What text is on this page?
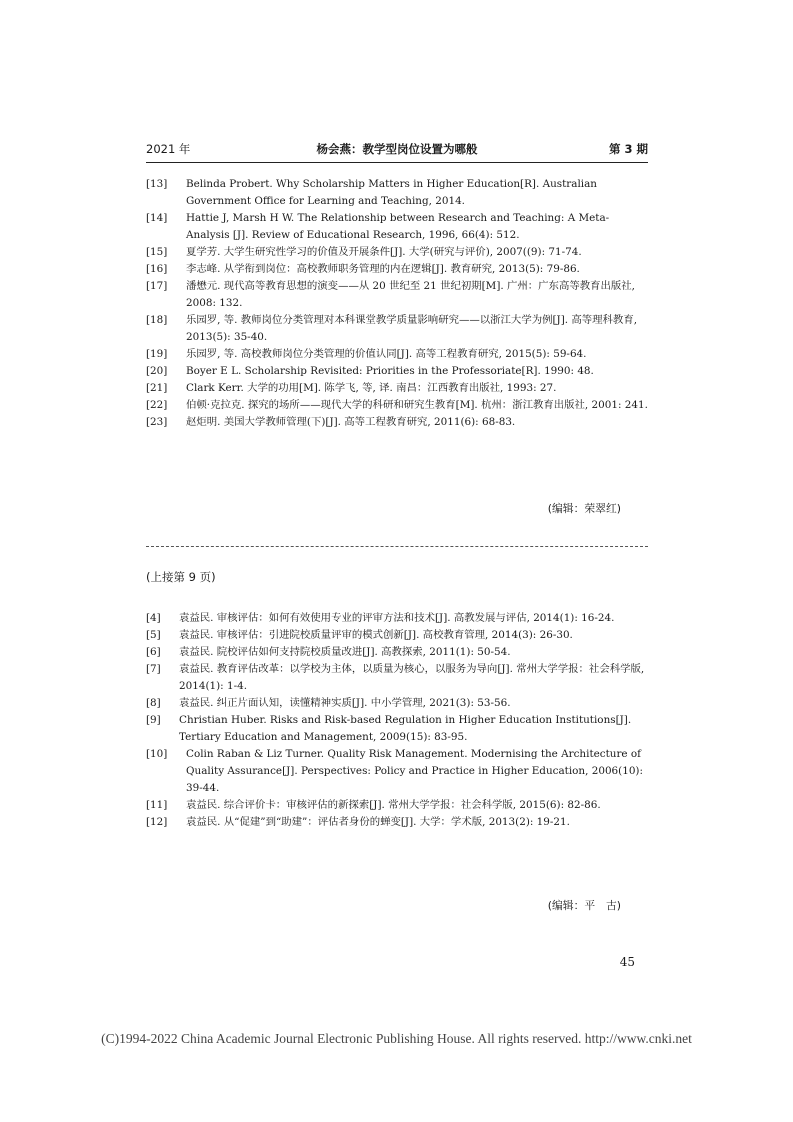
2021 年	杨会燕：教学型岗位设置为哪般	第 3 期
[13] Belinda Probert. Why Scholarship Matters in Higher Education[R]. Australian Government Office for Learning and Teaching, 2014.
[14] Hattie J, Marsh H W. The Relationship between Research and Teaching: A Meta-Analysis [J]. Review of Educational Research, 1996, 66(4): 512.
[15] 夏学芳. 大学生研究性学习的价值及开展条件[J]. 大学(研究与评价), 2007((9): 71-74.
[16] 李志峰. 从学衔到岗位：高校教师职务管理的内在逻辑[J]. 教育研究, 2013(5): 79-86.
[17] 潘懋元. 现代高等教育思想的演变——从 20 世纪至 21 世纪初期[M]. 广州：广东高等教育出版社, 2008: 132.
[18] 乐园罗, 等. 教师岗位分类管理对本科课堂教学质量影响研究——以浙江大学为例[J]. 高等理科教育, 2013(5): 35-40.
[19] 乐园罗, 等. 高校教师岗位分类管理的价值认同[J]. 高等工程教育研究, 2015(5): 59-64.
[20] Boyer E L. Scholarship Revisited: Priorities in the Professoriate[R]. 1990: 48.
[21] Clark Kerr. 大学的功用[M]. 陈学飞, 等, 译. 南昌：江西教育出版社, 1993: 27.
[22] 伯顿·克拉克. 探究的场所——现代大学的科研和研究生教育[M]. 杭州：浙江教育出版社, 2001: 241.
[23] 赵炬明. 美国大学教师管理(下)[J]. 高等工程教育研究, 2011(6): 68-83.
(编辑：荣翠红)
(上接第 9 页)
[4] 袁益民. 审核评估：如何有效使用专业的评审方法和技术[J]. 高教发展与评估, 2014(1): 16-24.
[5] 袁益民. 审核评估：引进院校质量评审的模式创新[J]. 高校教育管理, 2014(3): 26-30.
[6] 袁益民. 院校评估如何支持院校质量改进[J]. 高教探索, 2011(1): 50-54.
[7] 袁益民. 教育评估改革：以学校为主体，以质量为核心，以服务为导向[J]. 常州大学学报：社会科学版, 2014(1): 1-4.
[8] 袁益民. 纠正片面认知，读懂精神实质[J]. 中小学管理, 2021(3): 53-56.
[9] Christian Huber. Risks and Risk-based Regulation in Higher Education Institutions[J]. Tertiary Education and Management, 2009(15): 83-95.
[10] Colin Raban & Liz Turner. Quality Risk Management. Modernising the Architecture of Quality Assurance[J]. Perspectives: Policy and Practice in Higher Education, 2006(10): 39-44.
[11] 袁益民. 综合评价卡：审核评估的新探索[J]. 常州大学学报：社会科学版, 2015(6): 82-86.
[12] 袁益民. 从“促建”到“助建”：评估者身份的蝉变[J]. 大学：学术版, 2013(2): 19-21.
(编辑：平　古)
45
(C)1994-2022 China Academic Journal Electronic Publishing House. All rights reserved. http://www.cnki.net
